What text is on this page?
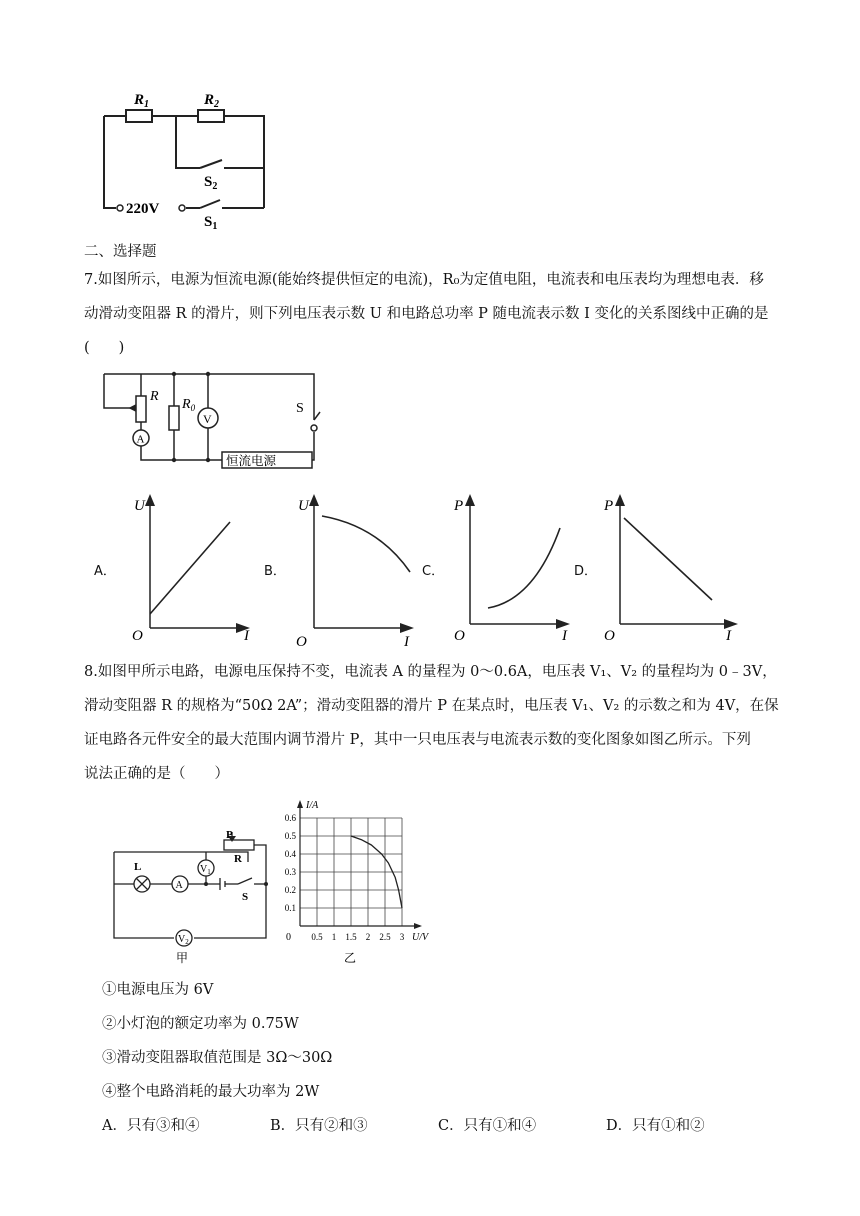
$R_1$	$R_2$
$S_2$
220V
$S_1$
二、选择题
7.如图所示，电源为恒流电源(能始终提供恒定的电流)，R₀为定值电阻，电流表和电压表均为理想电表．移
动滑动变阻器 R 的滑片，则下列电压表示数 U 和电路总功率 P 随电流表示数 I 变化的关系图线中正确的是
(　　)
R
$R_0$
A
V
S
恒流电源
A．
U
I
O
B．
U
I
O
C．
P
I
O
D．
P
I
O
8.如图甲所示电路，电源电压保持不变，电流表 A 的量程为 0～0.6A，电压表 V₁、V₂ 的量程均为 0﹣3V，
滑动变阻器 R 的规格为“50Ω 2A”；滑动变阻器的滑片 P 在某点时，电压表 V₁、V₂ 的示数之和为 4V，在保
证电路各元件安全的最大范围内调节滑片 P，其中一只电压表与电流表示数的变化图象如图乙所示。下列
说法正确的是（　　）
P
R
L	$V_1$
A
S
$V_2$
甲
0.5 1 1.5 2 2.5 3
0.1
0.2
0.3
0.4
0.5
0.6
I/A
U/V
0
乙
①电源电压为 6V
②小灯泡的额定功率为 0.75W
③滑动变阻器取值范围是 3Ω～30Ω
④整个电路消耗的最大功率为 2W
A．只有③和④	B．只有②和③	C．只有①和④	D．只有①和②
